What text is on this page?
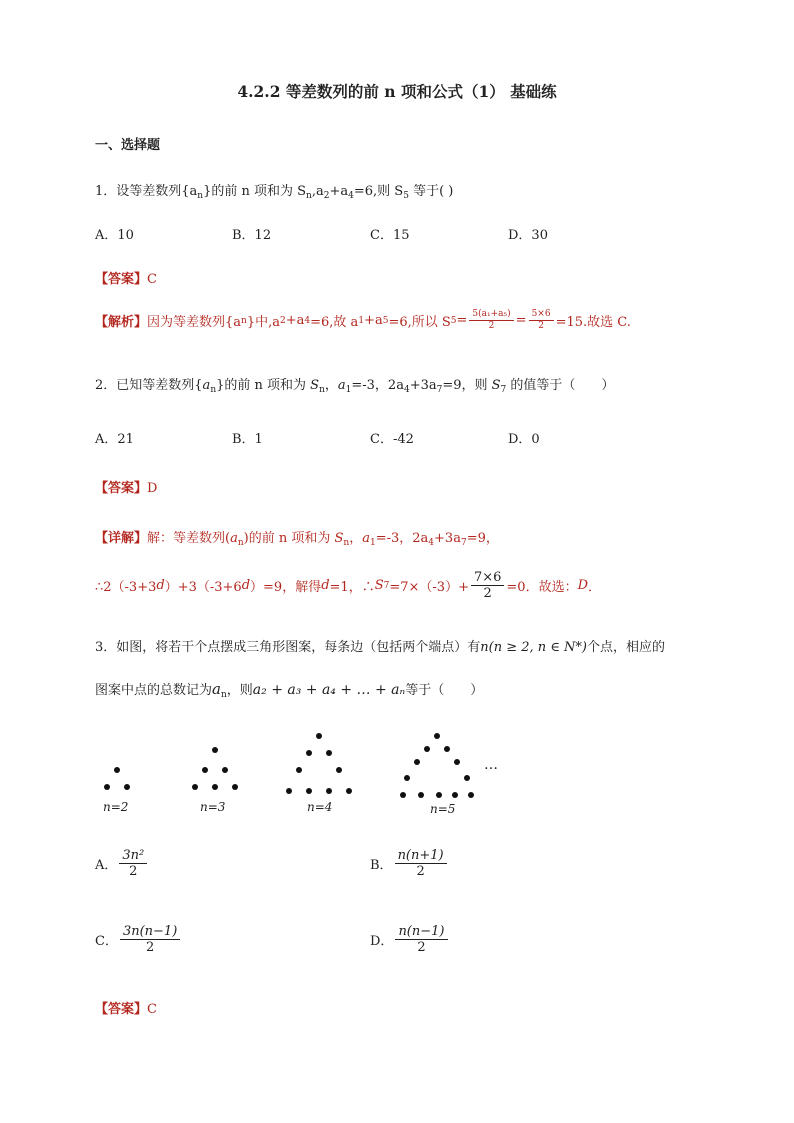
4.2.2 等差数列的前 n 项和公式（1） 基础练
一、选择题
1．设等差数列$\{a_n\}$的前 n 项和为 $S_n,a_2+a_4=6$,则 $S_5$ 等于( )
A．10	B．12	C．15	D．30
【答案】C
【解析】 因为等差数列{a n }中,a 2 +a 4 =6,故 a 1 +a 5 =6,所以 S $5 = \frac{\text{5(a₁+a₅)}}{2} = \frac{5\times 6}{2} =15$.故选 C.
2．已知等差数列$\{a_n\}$的前 n 项和为 $S_n$，$a_1=-3$，$2a_4+3a_7=9$，则 $S_7$ 的值等于（　　）
A．21	B．1	C．-42	D．0
【答案】D
【详解】解：等差数列$(a_n)$的前 n 项和为 $S_n$，$a_1=-3$，$2a_4+3a_7=9$，
∴2（-3+3 d ）+3（-3+6 d ）=9，解得 d =1，∴ S $7 =7\times(-3)+ \frac{7\times 6}{2} =0$．故选： D ．
3．如图，将若干个点摆成三角形图案，每条边（包括两个端点）有n(n ≥ 2, n ∈ N*)个点，相应的
图案中点的总数记为$a_n$，则a₂ + a₃ + a₄ + … + aₙ等于（　　）
n=2	n=3	n=4	n=5
…
A． $\frac{\text{3n²}}{2}$	B． $\frac{n(n+1)}{2}$
C． $\frac{3n(n-1)}{2}$	D． $\frac{n(n-1)}{2}$
【答案】C
